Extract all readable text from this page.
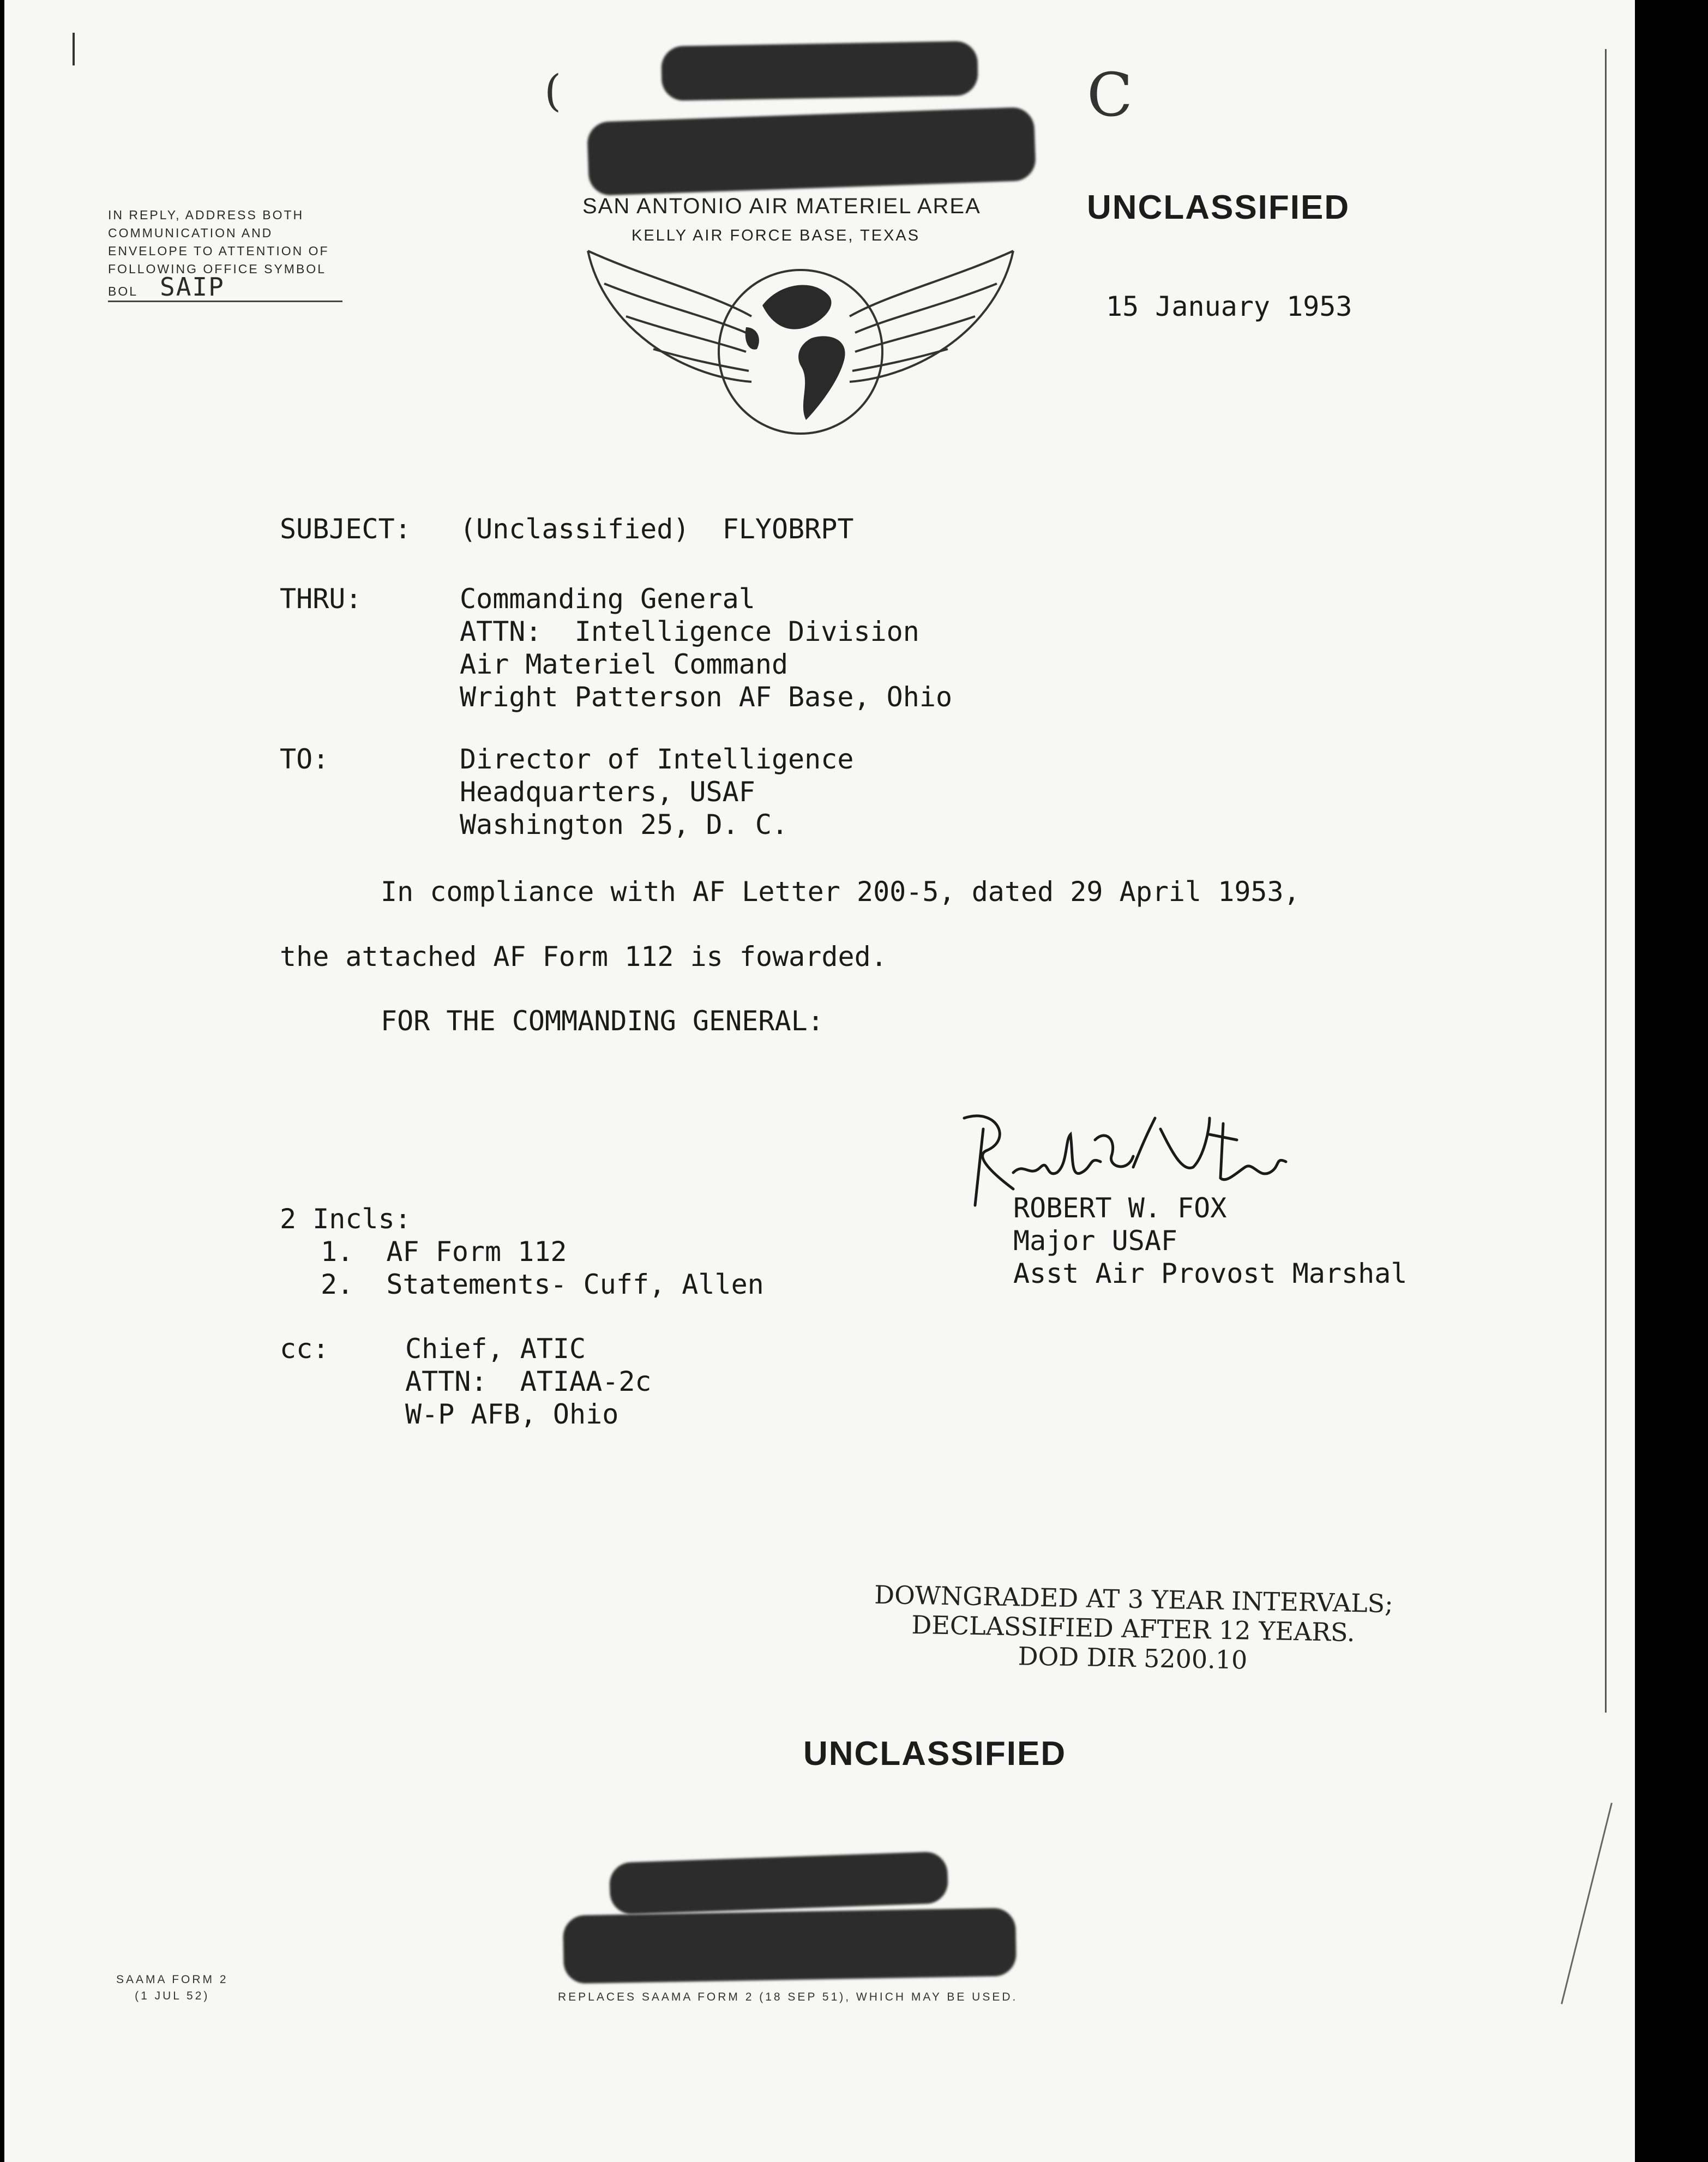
(	C
IN REPLY, ADDRESS BOTH COMMUNICATION AND ENVELOPE TO ATTENTION OF FOLLOWING OFFICE SYMBOL
BOL SAIP
SAN ANTONIO AIR MATERIEL AREA
KELLY AIR FORCE BASE, TEXAS
UNCLASSIFIED
15 January 1953
SUBJECT:	(Unclassified)  FLYOBRPT
THRU:	Commanding General
ATTN:  Intelligence Division
Air Materiel Command
Wright Patterson AF Base, Ohio
TO:	Director of Intelligence
Headquarters, USAF
Washington 25, D. C.
In compliance with AF Letter 200-5, dated 29 April 1953,
the attached AF Form 112 is fowarded.
FOR THE COMMANDING GENERAL:
ROBERT W. FOX
Major USAF
Asst Air Provost Marshal
2 Incls:
1.  AF Form 112
2.  Statements- Cuff, Allen
cc:	Chief, ATIC
ATTN:  ATIAA-2c
W-P AFB, Ohio
DOWNGRADED AT 3 YEAR INTERVALS;
DECLASSIFIED AFTER 12 YEARS.
DOD DIR 5200.10
UNCLASSIFIED
SAAMA FORM 2
(1 JUL 52)	REPLACES SAAMA FORM 2 (18 SEP 51), WHICH MAY BE USED.
